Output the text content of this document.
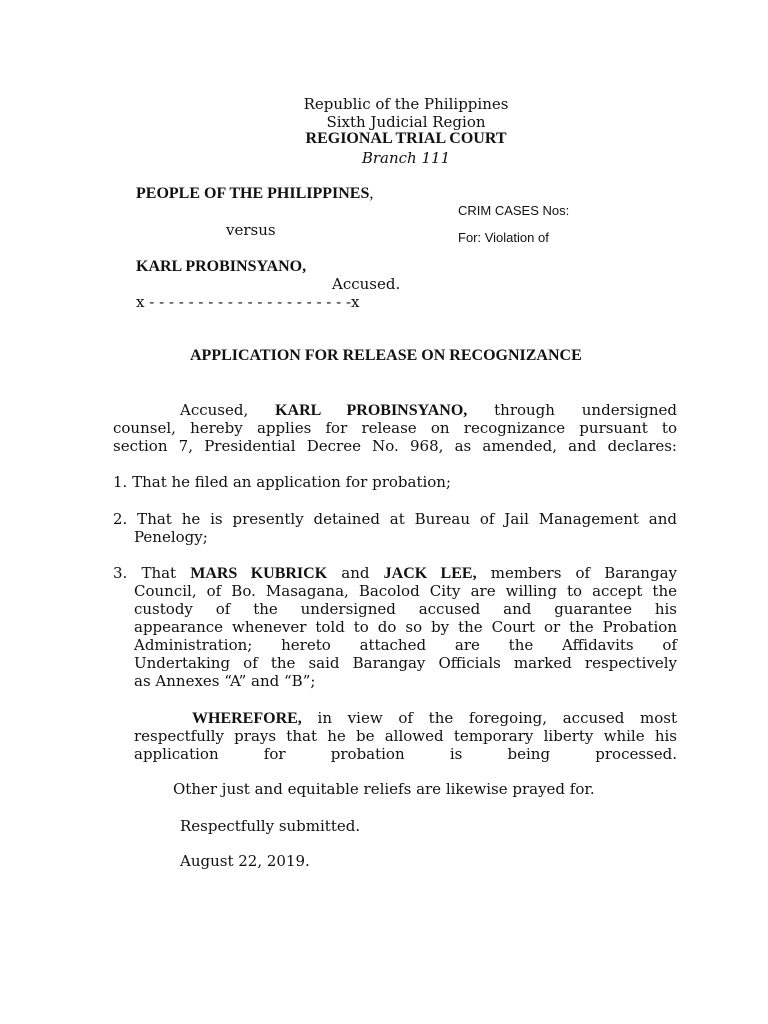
Republic of the Philippines
Sixth Judicial Region
REGIONAL TRIAL COURT
Branch 111
PEOPLE OF THE PHILIPPINES,
CRIM CASES Nos:
versus	For: Violation of
KARL PROBINSYANO,
Accused.
x - - - - - - - - - - - - - - - - - - - - -x
APPLICATION FOR RELEASE ON RECOGNIZANCE
Accused, KARL PROBINSYANO, through undersigned
counsel, hereby applies for release on recognizance pursuant to
section 7, Presidential Decree No. 968, as amended, and declares:
1. That he filed an application for probation;
2. That he is presently detained at Bureau of Jail Management and
Penelogy;
3. That MARS KUBRICK and JACK LEE, members of Barangay
Council, of Bo. Masagana, Bacolod City are willing to accept the
custody of the undersigned accused and guarantee his
appearance whenever told to do so by the Court or the Probation
Administration; hereto attached are the Affidavits of
Undertaking of the said Barangay Officials marked respectively
as Annexes “A” and “B”;
WHEREFORE, in view of the foregoing, accused most
respectfully prays that he be allowed temporary liberty while his
application for probation is being processed.
Other just and equitable reliefs are likewise prayed for.
Respectfully submitted.
August 22, 2019.
